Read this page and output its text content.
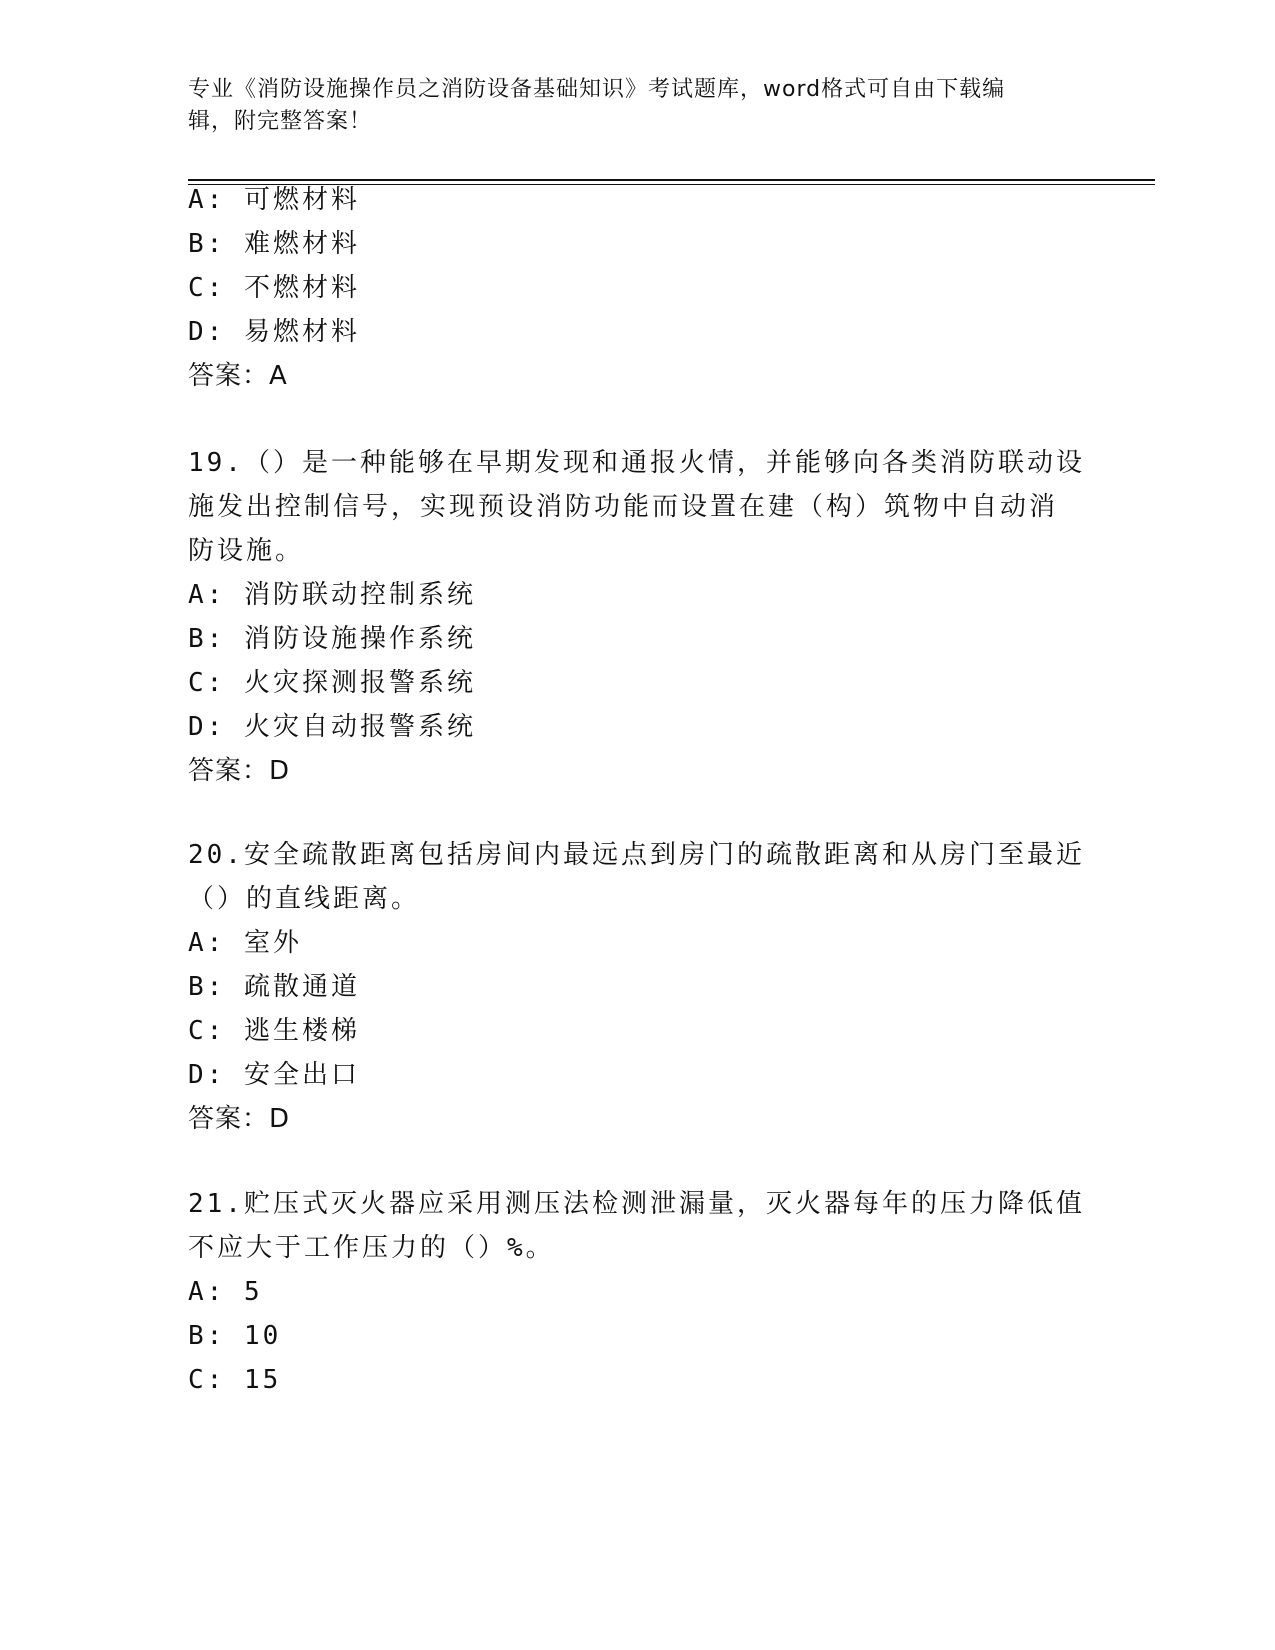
专业《消防设施操作员之消防设备基础知识》考试题库，word格式可自由下载编
辑，附完整答案！
A: 可燃材料
B: 难燃材料
C: 不燃材料
D: 易燃材料
答案：A
19.（）是一种能够在早期发现和通报火情，并能够向各类消防联动设
施发出控制信号，实现预设消防功能而设置在建（构）筑物中自动消
防设施。
A: 消防联动控制系统
B: 消防设施操作系统
C: 火灾探测报警系统
D: 火灾自动报警系统
答案：D
20.安全疏散距离包括房间内最远点到房门的疏散距离和从房门至最近
（）的直线距离。
A: 室外
B: 疏散通道
C: 逃生楼梯
D: 安全出口
答案：D
21.贮压式灭火器应采用测压法检测泄漏量，灭火器每年的压力降低值
不应大于工作压力的（）%。
A: 5
B: 10
C: 15
